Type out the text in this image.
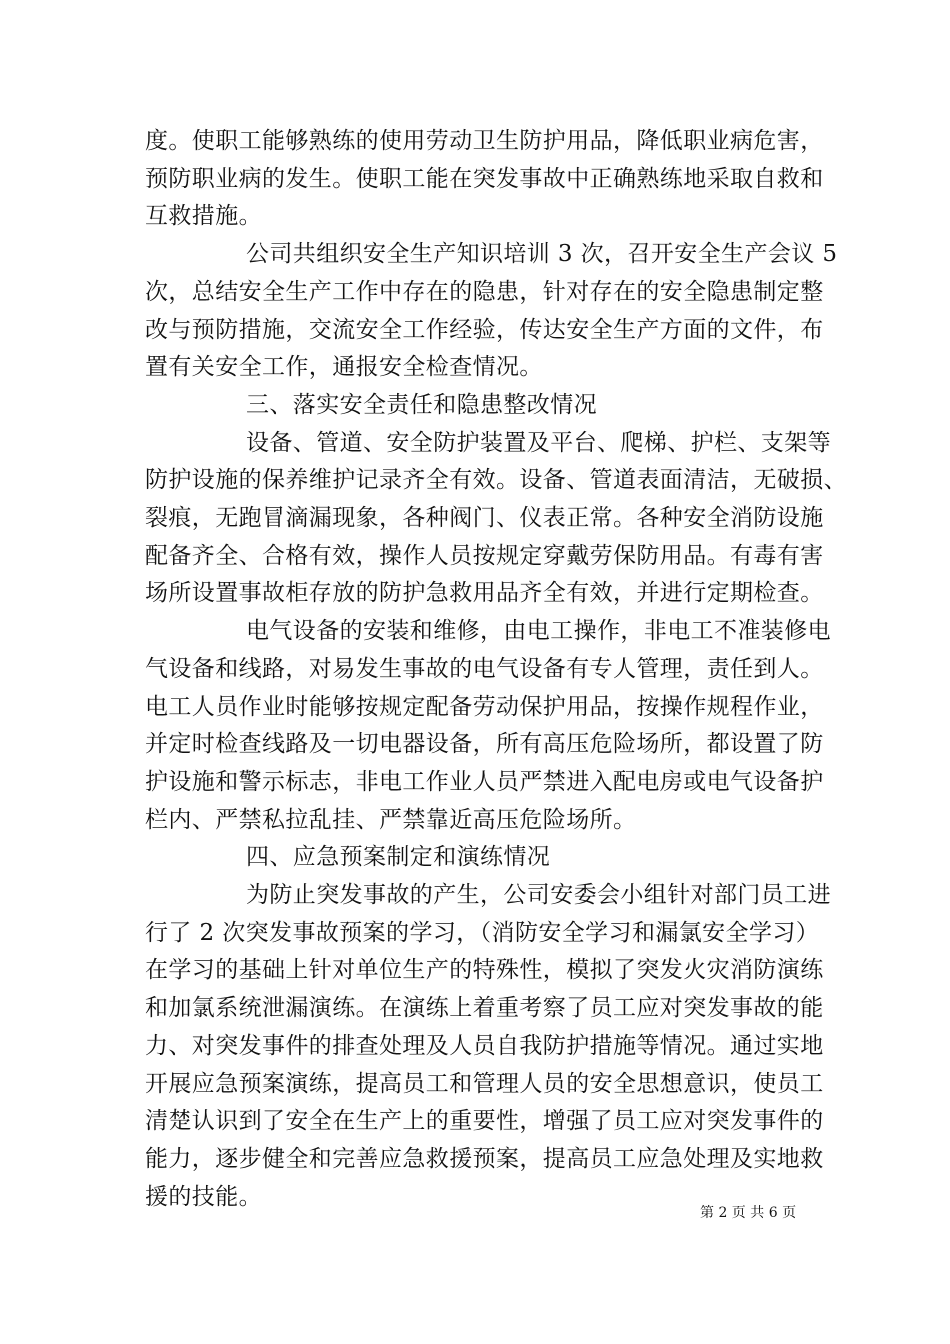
度。使职工能够熟练的使用劳动卫生防护用品，降低职业病危害，
预防职业病的发生。使职工能在突发事故中正确熟练地采取自救和
互救措施。
公司共组织安全生产知识培训 3 次，召开安全生产会议 5
次，总结安全生产工作中存在的隐患，针对存在的安全隐患制定整
改与预防措施，交流安全工作经验，传达安全生产方面的文件，布
置有关安全工作，通报安全检查情况。
三、落实安全责任和隐患整改情况
设备、管道、安全防护装置及平台、爬梯、护栏、支架等
防护设施的保养维护记录齐全有效。设备、管道表面清洁，无破损、
裂痕，无跑冒滴漏现象，各种阀门、仪表正常。各种安全消防设施
配备齐全、合格有效，操作人员按规定穿戴劳保防用品。有毒有害
场所设置事故柜存放的防护急救用品齐全有效，并进行定期检查。
电气设备的安装和维修，由电工操作，非电工不准装修电
气设备和线路，对易发生事故的电气设备有专人管理，责任到人。
电工人员作业时能够按规定配备劳动保护用品，按操作规程作业，
并定时检查线路及一切电器设备，所有高压危险场所，都设置了防
护设施和警示标志，非电工作业人员严禁进入配电房或电气设备护
栏内、严禁私拉乱挂、严禁靠近高压危险场所。
四、应急预案制定和演练情况
为防止突发事故的产生，公司安委会小组针对部门员工进
行了 2 次突发事故预案的学习，（消防安全学习和漏氯安全学习）
在学习的基础上针对单位生产的特殊性，模拟了突发火灾消防演练
和加氯系统泄漏演练。在演练上着重考察了员工应对突发事故的能
力、对突发事件的排查处理及人员自我防护措施等情况。通过实地
开展应急预案演练，提高员工和管理人员的安全思想意识，使员工
清楚认识到了安全在生产上的重要性，增强了员工应对突发事件的
能力，逐步健全和完善应急救援预案，提高员工应急处理及实地救
援的技能。
第 2 页 共 6 页
